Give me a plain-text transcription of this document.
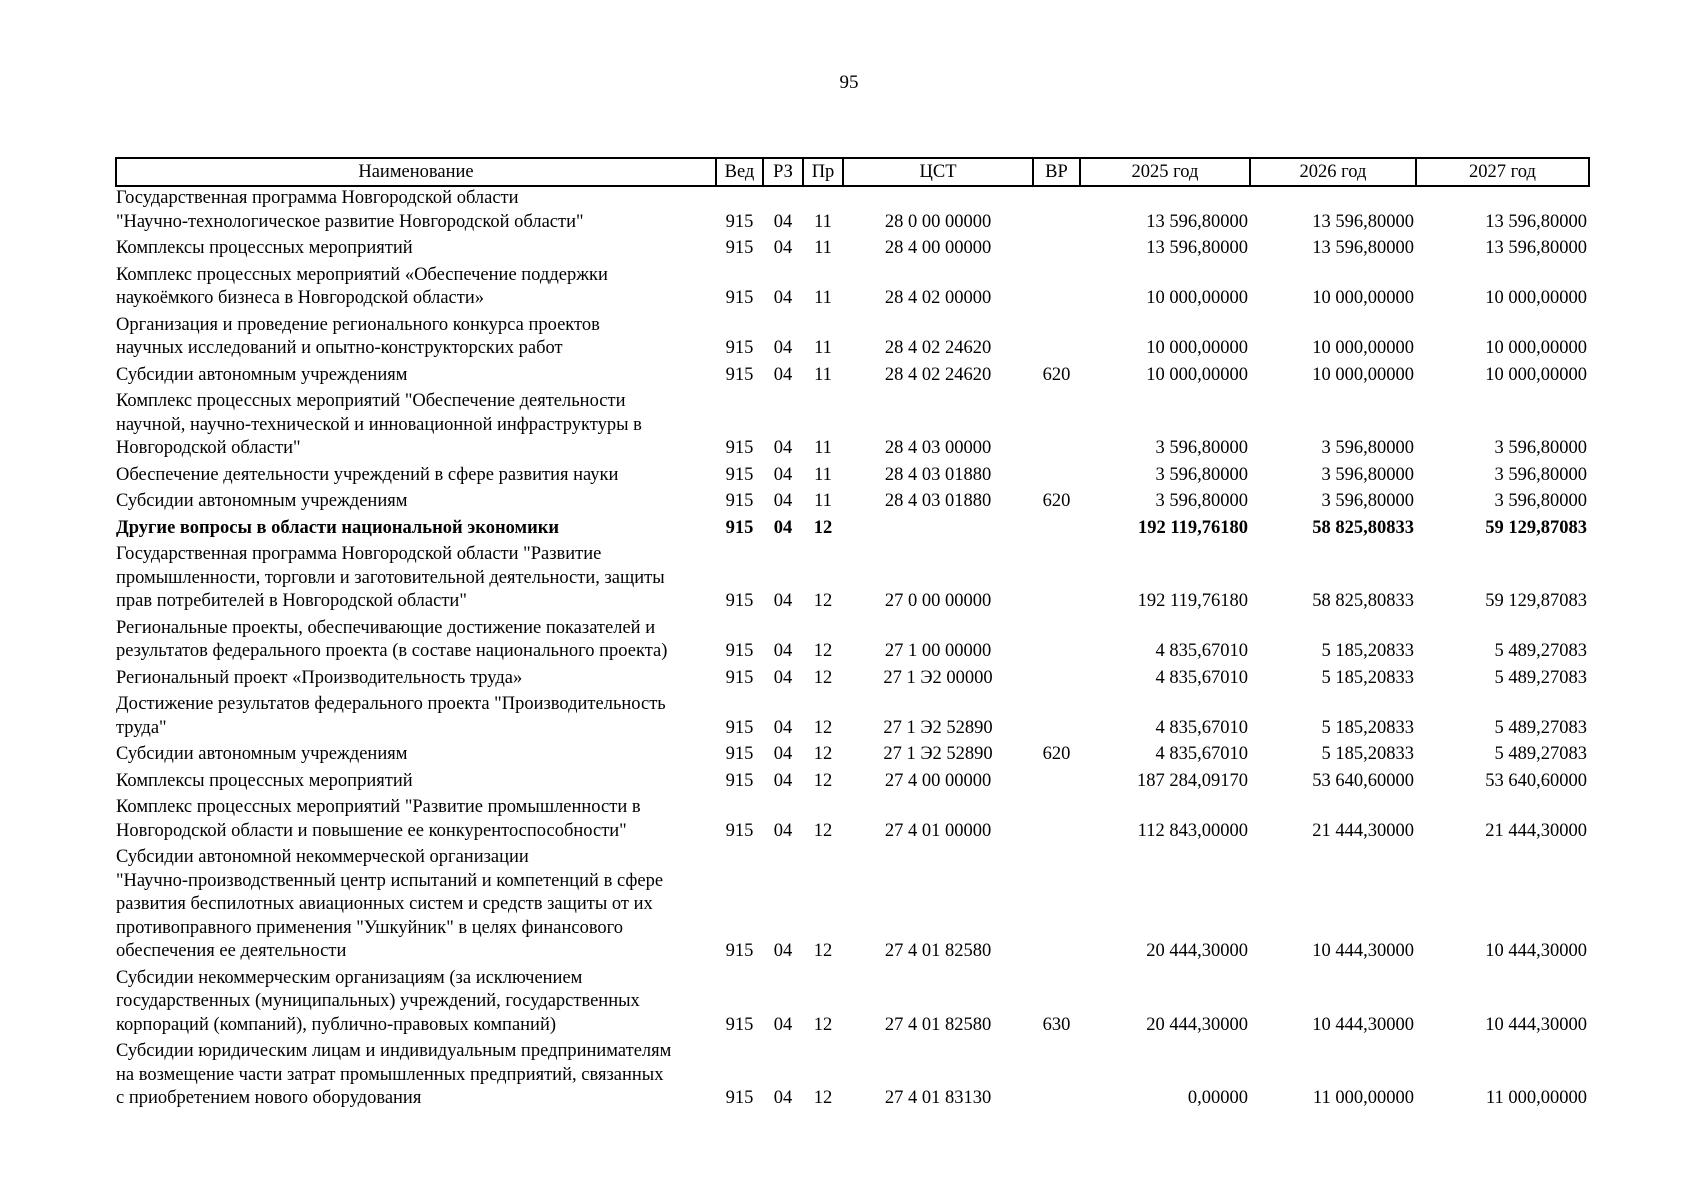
95
Наименование	Вед	РЗ	Пр	ЦСТ	ВР	2025 год	2026 год	2027 год
Государственная программа Новгородской области
"Научно-технологическое развитие Новгородской области"	915	04	11	28 0 00 00000		13 596,80000	13 596,80000	13 596,80000
Комплексы процессных мероприятий	915	04	11	28 4 00 00000		13 596,80000	13 596,80000	13 596,80000
Комплекс процессных мероприятий «Обеспечение поддержки
наукоёмкого бизнеса в Новгородской области»	915	04	11	28 4 02 00000		10 000,00000	10 000,00000	10 000,00000
Организация и проведение регионального конкурса проектов
научных исследований и опытно-конструкторских работ	915	04	11	28 4 02 24620		10 000,00000	10 000,00000	10 000,00000
Субсидии автономным учреждениям	915	04	11	28 4 02 24620	620	10 000,00000	10 000,00000	10 000,00000
Комплекс процессных мероприятий "Обеспечение деятельности
научной, научно-технической и инновационной инфраструктуры в
Новгородской области"	915	04	11	28 4 03 00000		3 596,80000	3 596,80000	3 596,80000
Обеспечение деятельности учреждений в сфере развития науки	915	04	11	28 4 03 01880		3 596,80000	3 596,80000	3 596,80000
Субсидии автономным учреждениям	915	04	11	28 4 03 01880	620	3 596,80000	3 596,80000	3 596,80000
Другие вопросы в области национальной экономики	915	04	12			192 119,76180	58 825,80833	59 129,87083
Государственная программа Новгородской области "Развитие
промышленности, торговли и заготовительной деятельности, защиты
прав потребителей в Новгородской области"	915	04	12	27 0 00 00000		192 119,76180	58 825,80833	59 129,87083
Региональные проекты, обеспечивающие достижение показателей и
результатов федерального проекта (в составе национального проекта)	915	04	12	27 1 00 00000		4 835,67010	5 185,20833	5 489,27083
Региональный проект «Производительность труда»	915	04	12	27 1 Э2 00000		4 835,67010	5 185,20833	5 489,27083
Достижение результатов федерального проекта "Производительность
труда"	915	04	12	27 1 Э2 52890		4 835,67010	5 185,20833	5 489,27083
Субсидии автономным учреждениям	915	04	12	27 1 Э2 52890	620	4 835,67010	5 185,20833	5 489,27083
Комплексы процессных мероприятий	915	04	12	27 4 00 00000		187 284,09170	53 640,60000	53 640,60000
Комплекс процессных мероприятий "Развитие промышленности в
Новгородской области и повышение ее конкурентоспособности"	915	04	12	27 4 01 00000		112 843,00000	21 444,30000	21 444,30000
Субсидии автономной некоммерческой организации
"Научно-производственный центр испытаний и компетенций в сфере
развития беспилотных авиационных систем и средств защиты от их
противоправного применения "Ушкуйник" в целях финансового
обеспечения ее деятельности	915	04	12	27 4 01 82580		20 444,30000	10 444,30000	10 444,30000
Субсидии некоммерческим организациям (за исключением
государственных (муниципальных) учреждений, государственных
корпораций (компаний), публично-правовых компаний)	915	04	12	27 4 01 82580	630	20 444,30000	10 444,30000	10 444,30000
Субсидии юридическим лицам и индивидуальным предпринимателям
на возмещение части затрат промышленных предприятий, связанных
с приобретением нового оборудования	915	04	12	27 4 01 83130		0,00000	11 000,00000	11 000,00000
